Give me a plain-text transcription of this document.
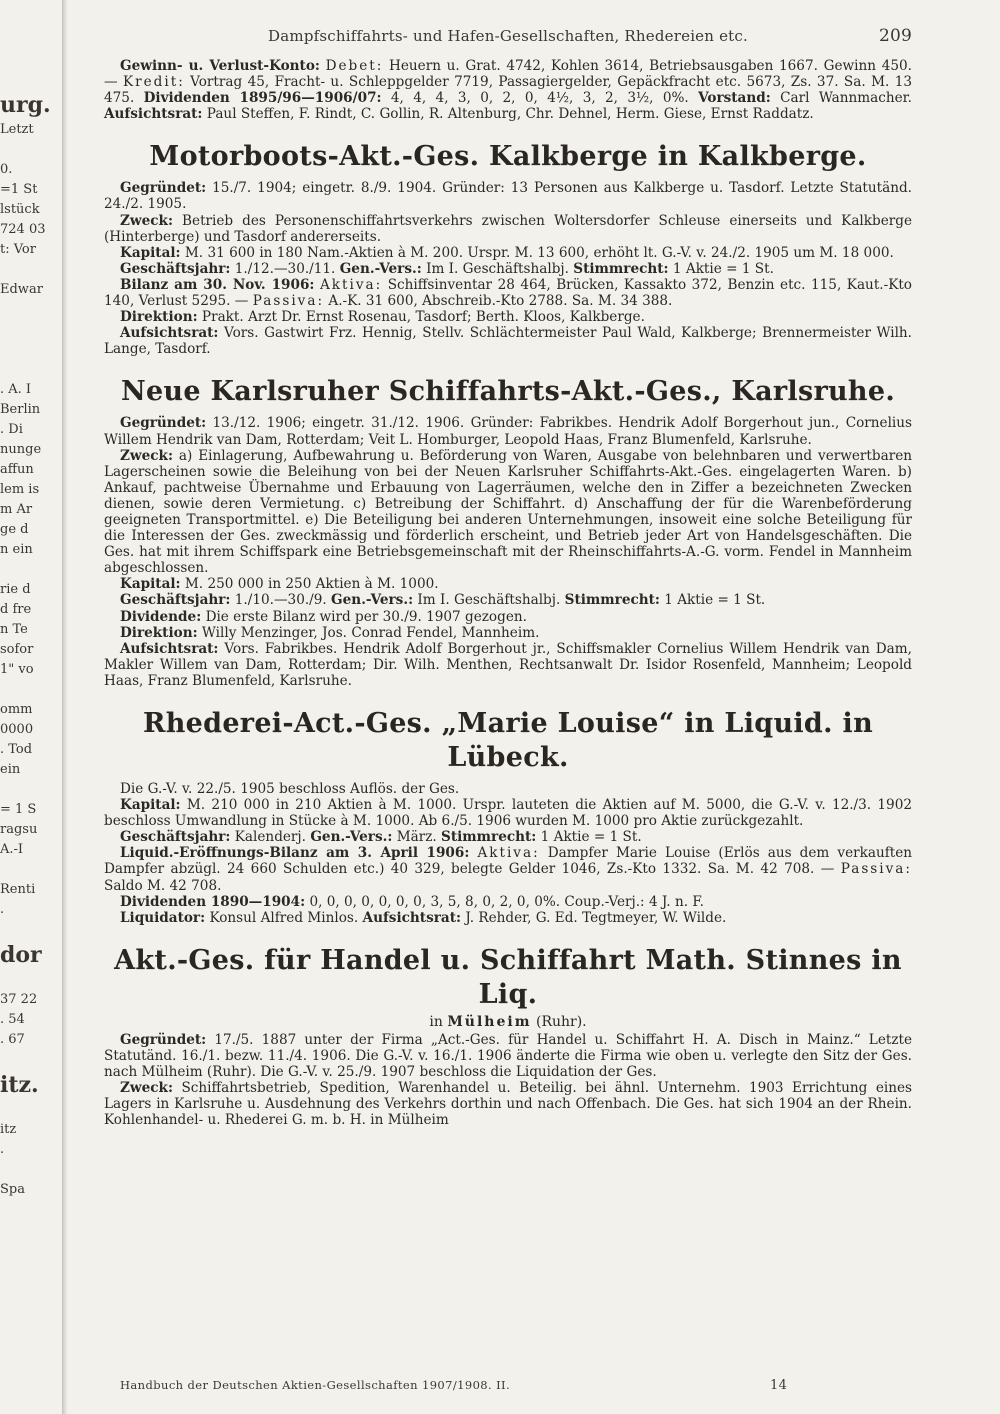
urg.
Letzt
0.
=1 St
lstück
724 03
t: Vor
Edwar
. A. I
Berlin
. Di
nunge
affun
lem is
m Ar
ge d
n ein
rie d
d fre
n Te
sofor
1" vo
omm
0000
. Tod
ein
= 1 S
ragsu
A.-I
Renti
.
dor
37 22
. 54
. 67
itz.
itz
.
Spa
Dampfschiffahrts- und Hafen-Gesellschaften, Rhedereien etc.	209

Gewinn- u. Verlust-Konto: Debet: Heuern u. Grat. 4742, Kohlen 3614, Betriebsausgaben 1667. Gewinn 450. — Kredit: Vortrag 45, Fracht- u. Schleppgelder 7719, Passagiergelder, Gepäckfracht etc. 5673, Zs. 37. Sa. M. 13 475. Dividenden 1895/96—1906/07: 4, 4, 4, 3, 0, 2, 0, 4½, 3, 2, 3½, 0%. Vorstand: Carl Wannmacher. Aufsichtsrat: Paul Steffen, F. Rindt, C. Gollin, R. Altenburg, Chr. Dehnel, Herm. Giese, Ernst Raddatz.

Motorboots-Akt.-Ges. Kalkberge in Kalkberge.

Gegründet: 15./7. 1904; eingetr. 8./9. 1904. Gründer: 13 Personen aus Kalkberge u. Tasdorf. Letzte Statutänd. 24./2. 1905.

Zweck: Betrieb des Personenschiffahrtsverkehrs zwischen Woltersdorfer Schleuse einerseits und Kalkberge (Hinterberge) und Tasdorf andererseits.

Kapital: M. 31 600 in 180 Nam.-Aktien à M. 200. Urspr. M. 13 600, erhöht lt. G.-V. v. 24./2. 1905 um M. 18 000.

Geschäftsjahr: 1./12.—30./11. Gen.-Vers.: Im I. Geschäftshalbj. Stimmrecht: 1 Aktie = 1 St.

Bilanz am 30. Nov. 1906: Aktiva: Schiffsinventar 28 464, Brücken, Kassakto 372, Benzin etc. 115, Kaut.-Kto 140, Verlust 5295. — Passiva: A.-K. 31 600, Abschreib.-Kto 2788. Sa. M. 34 388.

Direktion: Prakt. Arzt Dr. Ernst Rosenau, Tasdorf; Berth. Kloos, Kalkberge.

Aufsichtsrat: Vors. Gastwirt Frz. Hennig, Stellv. Schlächtermeister Paul Wald, Kalkberge; Brennermeister Wilh. Lange, Tasdorf.

Neue Karlsruher Schiffahrts-Akt.-Ges., Karlsruhe.

Gegründet: 13./12. 1906; eingetr. 31./12. 1906. Gründer: Fabrikbes. Hendrik Adolf Borgerhout jun., Cornelius Willem Hendrik van Dam, Rotterdam; Veit L. Homburger, Leopold Haas, Franz Blumenfeld, Karlsruhe.

Zweck: a) Einlagerung, Aufbewahrung u. Beförderung von Waren, Ausgabe von belehnbaren und verwertbaren Lagerscheinen sowie die Beleihung von bei der Neuen Karlsruher Schiffahrts-Akt.-Ges. eingelagerten Waren. b) Ankauf, pachtweise Übernahme und Erbauung von Lagerräumen, welche den in Ziffer a bezeichneten Zwecken dienen, sowie deren Vermietung. c) Betreibung der Schiffahrt. d) Anschaffung der für die Warenbeförderung geeigneten Transportmittel. e) Die Beteiligung bei anderen Unternehmungen, insoweit eine solche Beteiligung für die Interessen der Ges. zweckmässig und förderlich erscheint, und Betrieb jeder Art von Handelsgeschäften. Die Ges. hat mit ihrem Schiffspark eine Betriebsgemeinschaft mit der Rheinschiffahrts-A.-G. vorm. Fendel in Mannheim abgeschlossen.

Kapital: M. 250 000 in 250 Aktien à M. 1000.

Geschäftsjahr: 1./10.—30./9. Gen.-Vers.: Im I. Geschäftshalbj. Stimmrecht: 1 Aktie = 1 St.

Dividende: Die erste Bilanz wird per 30./9. 1907 gezogen.

Direktion: Willy Menzinger, Jos. Conrad Fendel, Mannheim.

Aufsichtsrat: Vors. Fabrikbes. Hendrik Adolf Borgerhout jr., Schiffsmakler Cornelius Willem Hendrik van Dam, Makler Willem van Dam, Rotterdam; Dir. Wilh. Menthen, Rechtsanwalt Dr. Isidor Rosenfeld, Mannheim; Leopold Haas, Franz Blumenfeld, Karlsruhe.

Rhederei-Act.-Ges. „Marie Louise“ in Liquid. in Lübeck.

Die G.-V. v. 22./5. 1905 beschloss Auflös. der Ges.

Kapital: M. 210 000 in 210 Aktien à M. 1000. Urspr. lauteten die Aktien auf M. 5000, die G.-V. v. 12./3. 1902 beschloss Umwandlung in Stücke à M. 1000. Ab 6./5. 1906 wurden M. 1000 pro Aktie zurückgezahlt.

Geschäftsjahr: Kalenderj. Gen.-Vers.: März. Stimmrecht: 1 Aktie = 1 St.

Liquid.-Eröffnungs-Bilanz am 3. April 1906: Aktiva: Dampfer Marie Louise (Erlös aus dem verkauften Dampfer abzügl. 24 660 Schulden etc.) 40 329, belegte Gelder 1046, Zs.-Kto 1332. Sa. M. 42 708. — Passiva: Saldo M. 42 708.

Dividenden 1890—1904: 0, 0, 0, 0, 0, 0, 0, 3, 5, 8, 0, 2, 0, 0%. Coup.-Verj.: 4 J. n. F.

Liquidator: Konsul Alfred Minlos. Aufsichtsrat: J. Rehder, G. Ed. Tegtmeyer, W. Wilde.

Akt.-Ges. für Handel u. Schiffahrt Math. Stinnes in Liq.
in Mülheim (Ruhr).

Gegründet: 17./5. 1887 unter der Firma „Act.-Ges. für Handel u. Schiffahrt H. A. Disch in Mainz.“ Letzte Statutänd. 16./1. bezw. 11./4. 1906. Die G.-V. v. 16./1. 1906 änderte die Firma wie oben u. verlegte den Sitz der Ges. nach Mülheim (Ruhr). Die G.-V. v. 25./9. 1907 beschloss die Liquidation der Ges.

Zweck: Schiffahrtsbetrieb, Spedition, Warenhandel u. Beteilig. bei ähnl. Unternehm. 1903 Errichtung eines Lagers in Karlsruhe u. Ausdehnung des Verkehrs dorthin und nach Offenbach. Die Ges. hat sich 1904 an der Rhein. Kohlenhandel- u. Rhederei G. m. b. H. in Mülheim

Handbuch der Deutschen Aktien-Gesellschaften 1907/1908. II.	14
